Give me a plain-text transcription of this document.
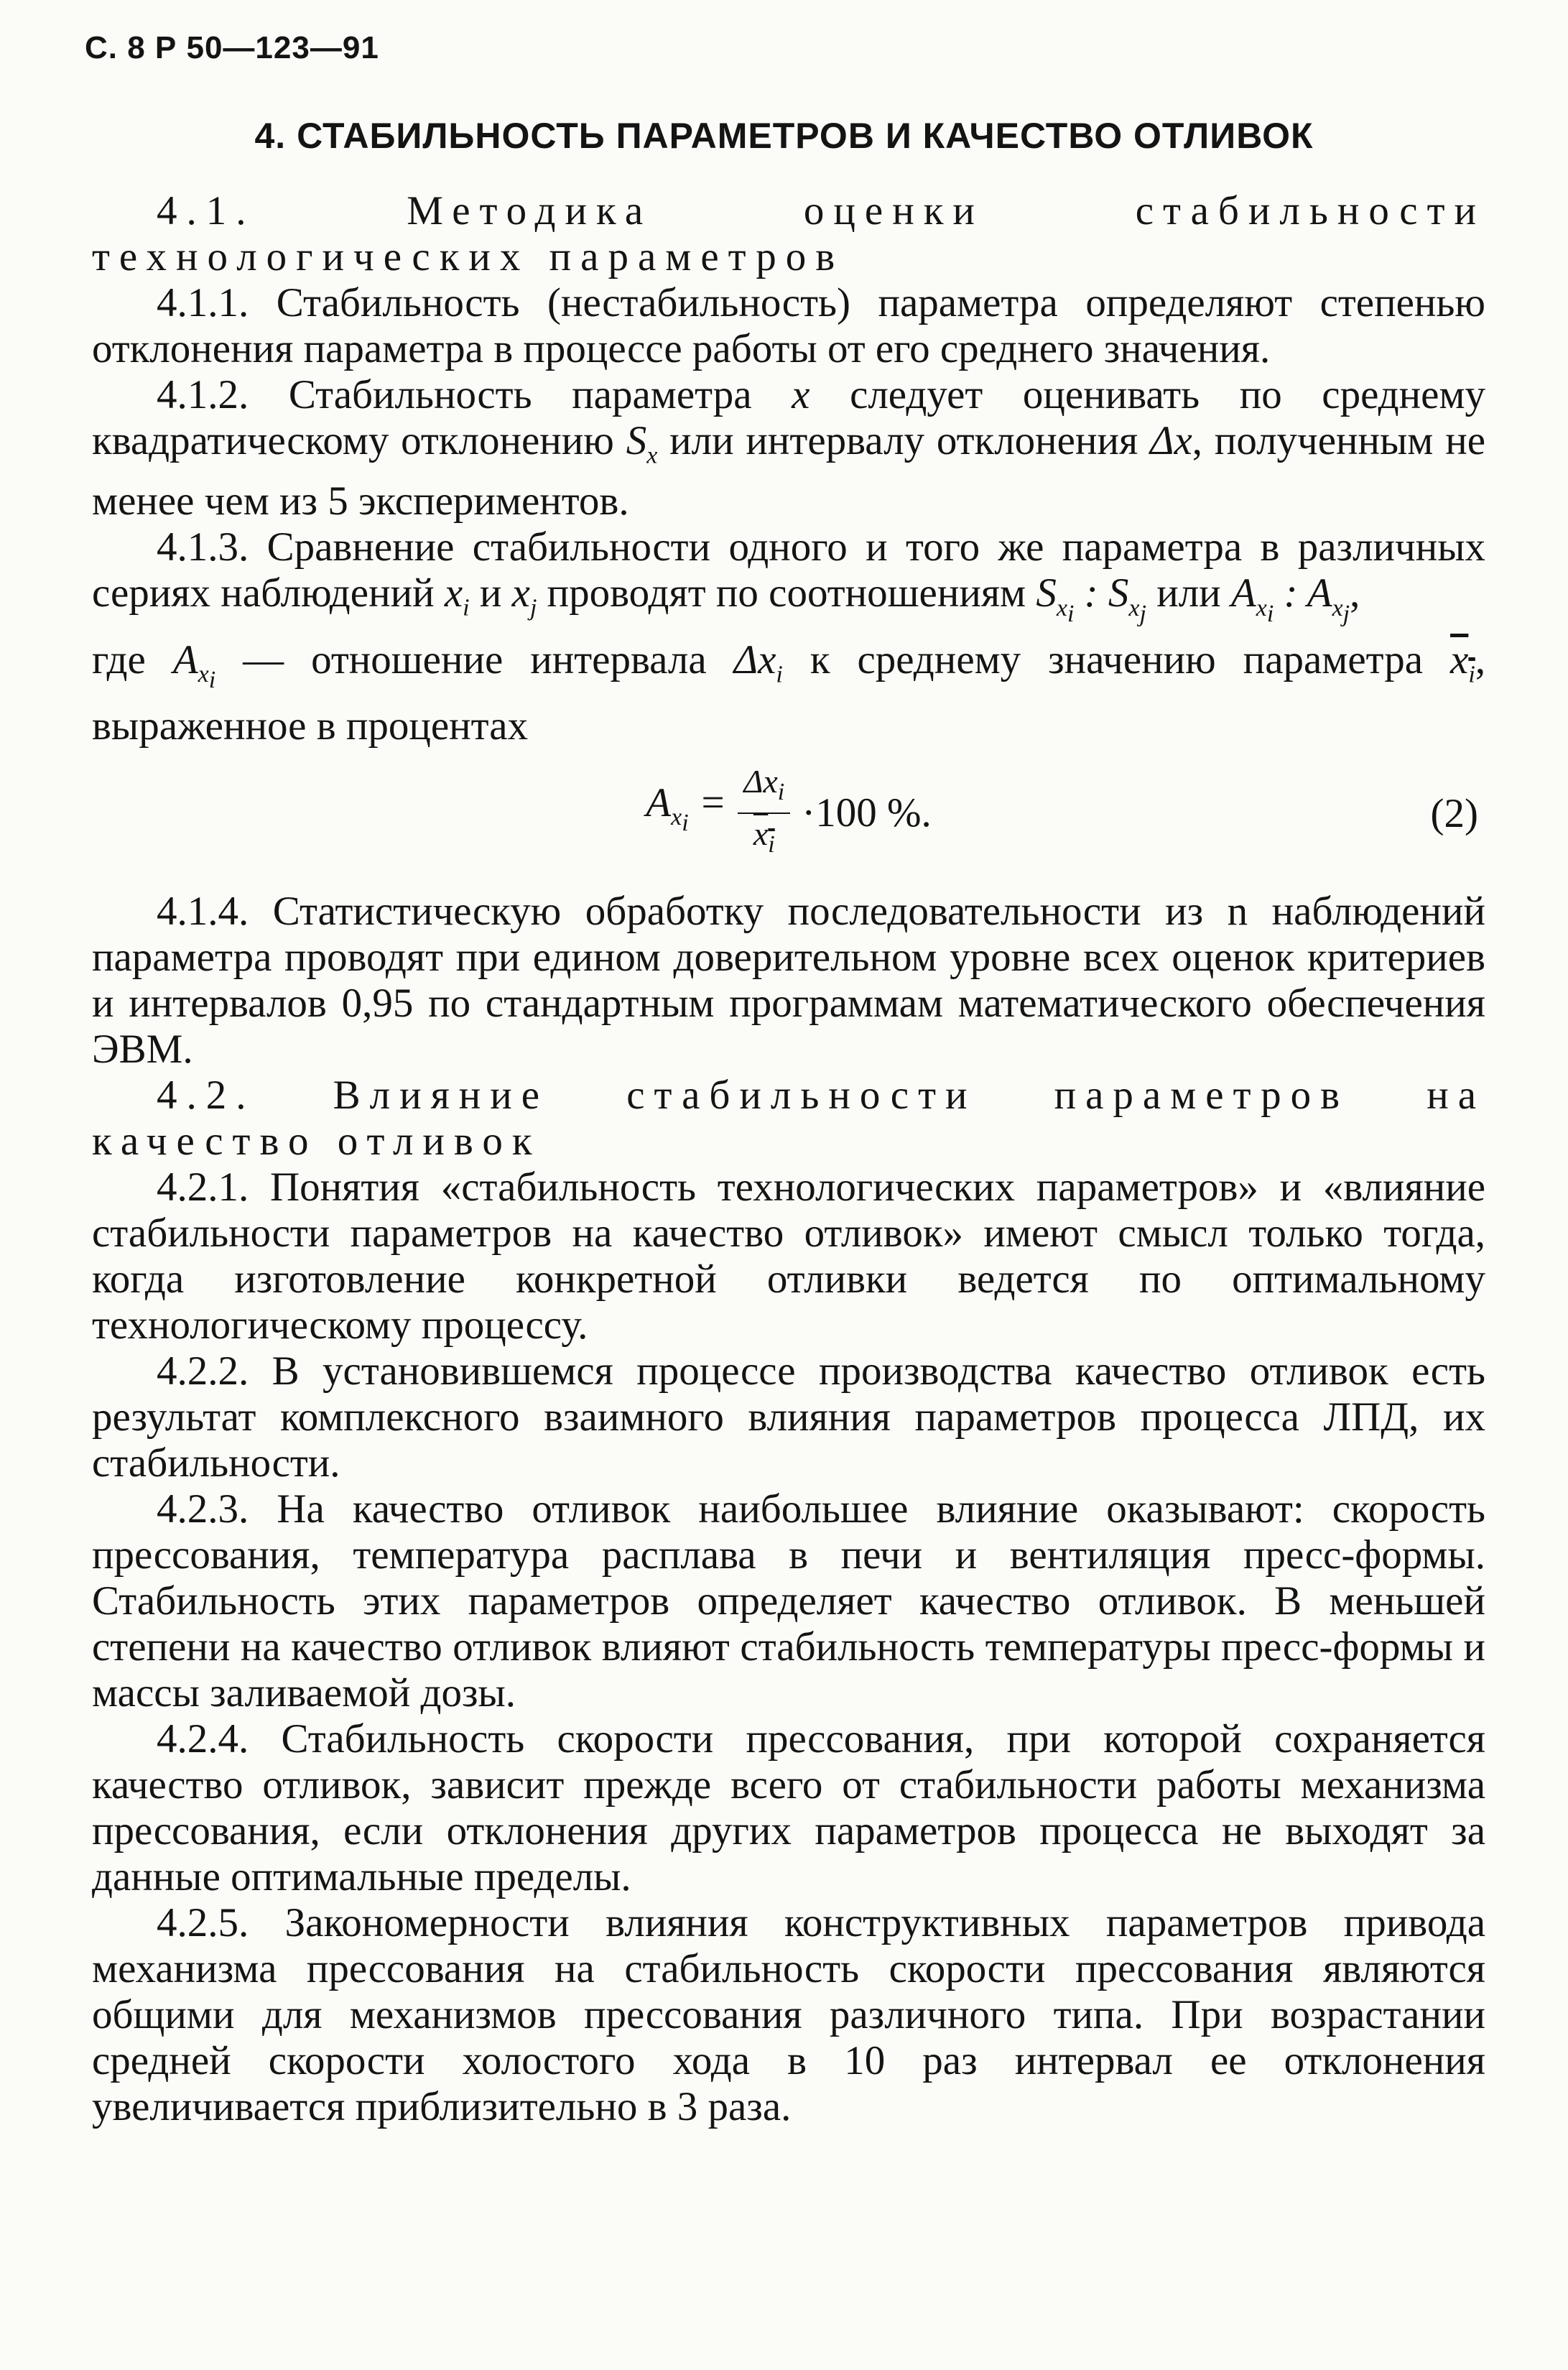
С. 8 Р 50—123—91
4. СТАБИЛЬНОСТЬ ПАРАМЕТРОВ И КАЧЕСТВО ОТЛИВОК

4.1. Методика оценки стабильности технологических параметров

4.1.1. Стабильность (нестабильность) параметра определяют степенью отклонения параметра в процессе работы от его среднего значения.

4.1.2. Стабильность параметра x следует оценивать по среднему квадратическому отклонению $S_x$ или интервалу отклонения Δx, полученным не менее чем из 5 экспериментов.

4.1.3. Сравнение стабильности одного и того же параметра в различных сериях наблюдений $x_i$ и $x_j$ проводят по соотношениям $S_{x_i}$ : $S_{x_j}$ или $A_{x_i}$ : $A_{x_j}$,

где $A_{x_i}$ — отношение интервала $\Delta x_i$ к среднему значению параметра $x_i$, выраженное в процентах

$A_{x_i} = \frac{\Delta x_i}{x_i} \cdot 100$ %.	(2)

4.1.4. Статистическую обработку последовательности из n наблюдений параметра проводят при едином доверительном уровне всех оценок критериев и интервалов 0,95 по стандартным программам математического обеспечения ЭВМ.

4.2. Влияние стабильности параметров на качество отливок

4.2.1. Понятия «стабильность технологических параметров» и «влияние стабильности параметров на качество отливок» имеют смысл только тогда, когда изготовление конкретной отливки ведется по оптимальному технологическому процессу.

4.2.2. В установившемся процессе производства качество отливок есть результат комплексного взаимного влияния параметров процесса ЛПД, их стабильности.

4.2.3. На качество отливок наибольшее влияние оказывают: скорость прессования, температура расплава в печи и вентиляция пресс-формы. Стабильность этих параметров определяет качество отливок. В меньшей степени на качество отливок влияют стабильность температуры пресс-формы и массы заливаемой дозы.

4.2.4. Стабильность скорости прессования, при которой сохраняется качество отливок, зависит прежде всего от стабильности работы механизма прессования, если отклонения других параметров процесса не выходят за данные оптимальные пределы.

4.2.5. Закономерности влияния конструктивных параметров привода механизма прессования на стабильность скорости прессования являются общими для механизмов прессования различного типа. При возрастании средней скорости холостого хода в 10 раз интервал ее отклонения увеличивается приблизительно в 3 раза.
